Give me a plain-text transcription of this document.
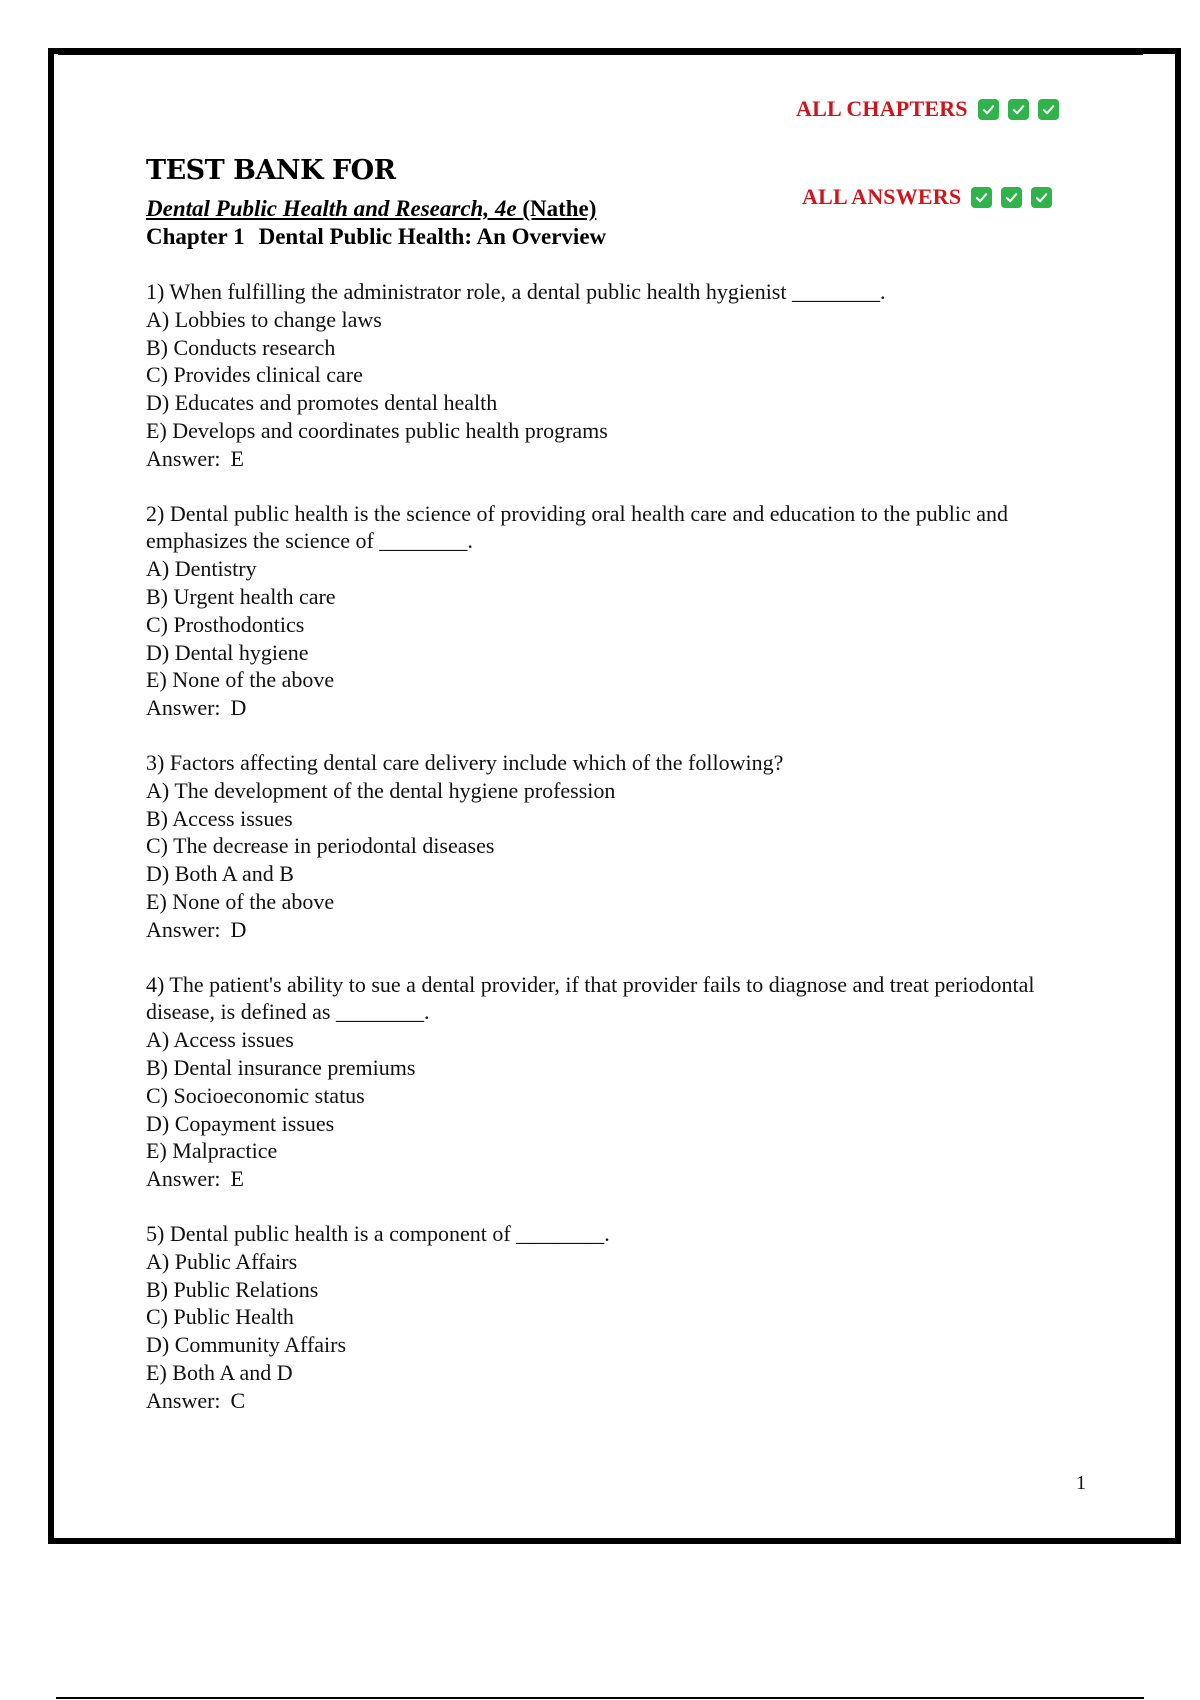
ALL CHAPTERS
ALL ANSWERS
TEST BANK FOR
Dental Public Health and Research, 4e (Nathe)
Chapter 1 Dental Public Health: An Overview
1) When fulfilling the administrator role, a dental public health hygienist ________.
A) Lobbies to change laws
B) Conducts research
C) Provides clinical care
D) Educates and promotes dental health
E) Develops and coordinates public health programs
Answer: E
2) Dental public health is the science of providing oral health care and education to the public and emphasizes the science of ________.
A) Dentistry
B) Urgent health care
C) Prosthodontics
D) Dental hygiene
E) None of the above
Answer: D
3) Factors affecting dental care delivery include which of the following?
A) The development of the dental hygiene profession
B) Access issues
C) The decrease in periodontal diseases
D) Both A and B
E) None of the above
Answer: D
4) The patient's ability to sue a dental provider, if that provider fails to diagnose and treat periodontal disease, is defined as ________.
A) Access issues
B) Dental insurance premiums
C) Socioeconomic status
D) Copayment issues
E) Malpractice
Answer: E
5) Dental public health is a component of ________.
A) Public Affairs
B) Public Relations
C) Public Health
D) Community Affairs
E) Both A and D
Answer: C
1
